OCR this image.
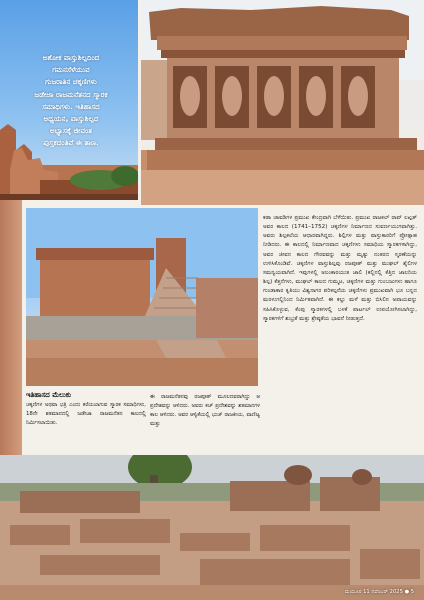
ಅಶೋಕ ವಾಸ್ತುಶಿಲ್ಪದಿಂದ
ಗಮನಸೆಳೆಯುವ
ಗುಜರಾತಿನ ಚಕ್ಕಣಿಗಳು
ಜಡೇಜಾ ರಾಜಮನೆತನದ ಸ್ಮಾರಕ
ಸಮಾಧಿಗಳು. ಇತಿಹಾಸದ
ಅಧ್ಯಯನ, ವಾಸ್ತುಶಿಲ್ಪದ
ಅಭ್ಯಾಸಕ್ಕೆ ಜೀವಂತ
ಪುಸ್ತಕದಂತಿವೆ ಈ ತಾಣ.
ಕಡಾ ಚಾವಡಿಗಳ ಪ್ರಮುಖ ಕೇಂದ್ರವಾಗಿ ಬೆಳೆಯಿತು. ಪ್ರಮುಖ ರಾಜಕಲ್ ರಾವ್ ಲಖ್ಪತ್ ಅವರ ಕಾಲದ (1741–1752) ಚಕ್ಕಣಿಗಳ ನಿರ್ಮಾಣದ ಸುವರ್ಣಯುಗವಾಗಿತ್ತು. ಅವರು ಶಿಲ್ಪಕಲೆಯ ಆಧಾರವಾಗಿದ್ದರು. ಶಿಲ್ಪಿಗಳ ಮತ್ತು ವಾಸ್ತುಕಾರರಿಗೆ ಪ್ರೋತ್ಸಾಹ ನೀಡಿದರು. ಈ ಕಾಲದಲ್ಲಿ ನಿರ್ಮಾಣವಾದ ಚಕ್ಕಣಿಗಳು ಸಮಾಧಿಯ ಸ್ಮಾರಕಗಳಾಗಿದ್ದು, ಅವರ ಜೀವನ ಕಾಲದ ಗೌರವವನ್ನು ಮತ್ತು ಮೃತ್ಯು ನಂತರದ ಸ್ಮರಣೆಯನ್ನು ಉಳಿಸಿಕೊಂಡಿವೆ. ಚಕ್ಕಣಿಗಳ ವಾಸ್ತುಶಿಲ್ಪವು ರಜಪೂತ್ ಮತ್ತು ಮುಘಲ್ ಶೈಲಿಗಳ ಸಮನ್ವಯವಾಗಿದೆ. ಇವುಗಳಲ್ಲಿ ಅಲಂಕಾರಯುತ ಜಾಲಿ (ಕಲ್ಲಿನಲ್ಲಿ ಕೆತ್ತಿದ ಜಾಲರಿಯ ಶಿಲ್ಪ) ಕೆತ್ತನೆಗಳು, ಮುಘಲ್ ಕಾಲದ ಗುಮ್ಮಟ, ಚಕ್ಕಣಿಗಳ ಮತ್ತು ಗುಂಬಜುಗಳು ಹಾಗೂ ಗುಂಡಾಕಾರ ಕೃತಿಯು ವಿಶ್ವನಾಗರ ಪರಿಕಲ್ಪನೆಯ ಚಕ್ಕಣಿಗಳು ಪ್ರಮುಖವಾಗಿ ಭೂ ಬನ್ನದ ಮರಳುಗಲ್ಲಿನಿಂದ ನಿರ್ಮಿತವಾಗಿದೆ. ಈ ಕಲ್ಲು ಮಳೆ ಮತ್ತು ಬಿಸಿಲಿನ ಅಪಾಯವನ್ನು ಸಹಿಸಿಕೊಳ್ಳುವ, ಕೆಂಪು ಸ್ಮಾರಕಗಳಲ್ಲಿ ಬಳಕೆ ಪಾರ್ಟಲ್ ಉಪಯೋಗಿಸಲಾಗಿದ್ದು, ಸ್ಮಾರಕಗಳಿಗೆ ಶುಭ್ರತೆ ಮತ್ತು ಶ್ರೇಷ್ಠತೆಯ ಭಾವನೆ ನೀಡುತ್ತದೆ.
ಇತಿಹಾಸದ ಮೆಲುಕು
ಚಕ್ಕಣಿಗಳ ಅಥವಾ ಛತ್ರಿ ಎಂದು ಕರೆಯಲಾಗುವ ಸ್ಮಾರಕ ಸಮಾಧಿಗಳು, 18ನೇ ಶತಮಾನದಲ್ಲಿ ಜಡೇಜಾ ರಾಜಮನೆತನ ಕಾಲದಲ್ಲಿ ನಿರ್ಮಿಸಲಾಯಿತು.
ಈ ರಾಜಮನೆತನವು ರಜಪೂತ್ ಮೂಲದವರಾಗಿದ್ದು ಆ ಪ್ರದೇಶವನ್ನು ಆಳಿದರು. ಅವರು ಕಚ್ ಪ್ರದೇಶವನ್ನು ಶತಮಾನಗಳ ಕಾಲ ಆಳಿದರು. ಅವರ ಆಳ್ವಿಕೆಯಲ್ಲಿ ಭುಜ್ ರಾಜಕೀಯ, ವಾಣಿಜ್ಯ ಮತ್ತು
ಮಯೂರ 11 ನವೆಂಬರ್ 2025 ● 5
